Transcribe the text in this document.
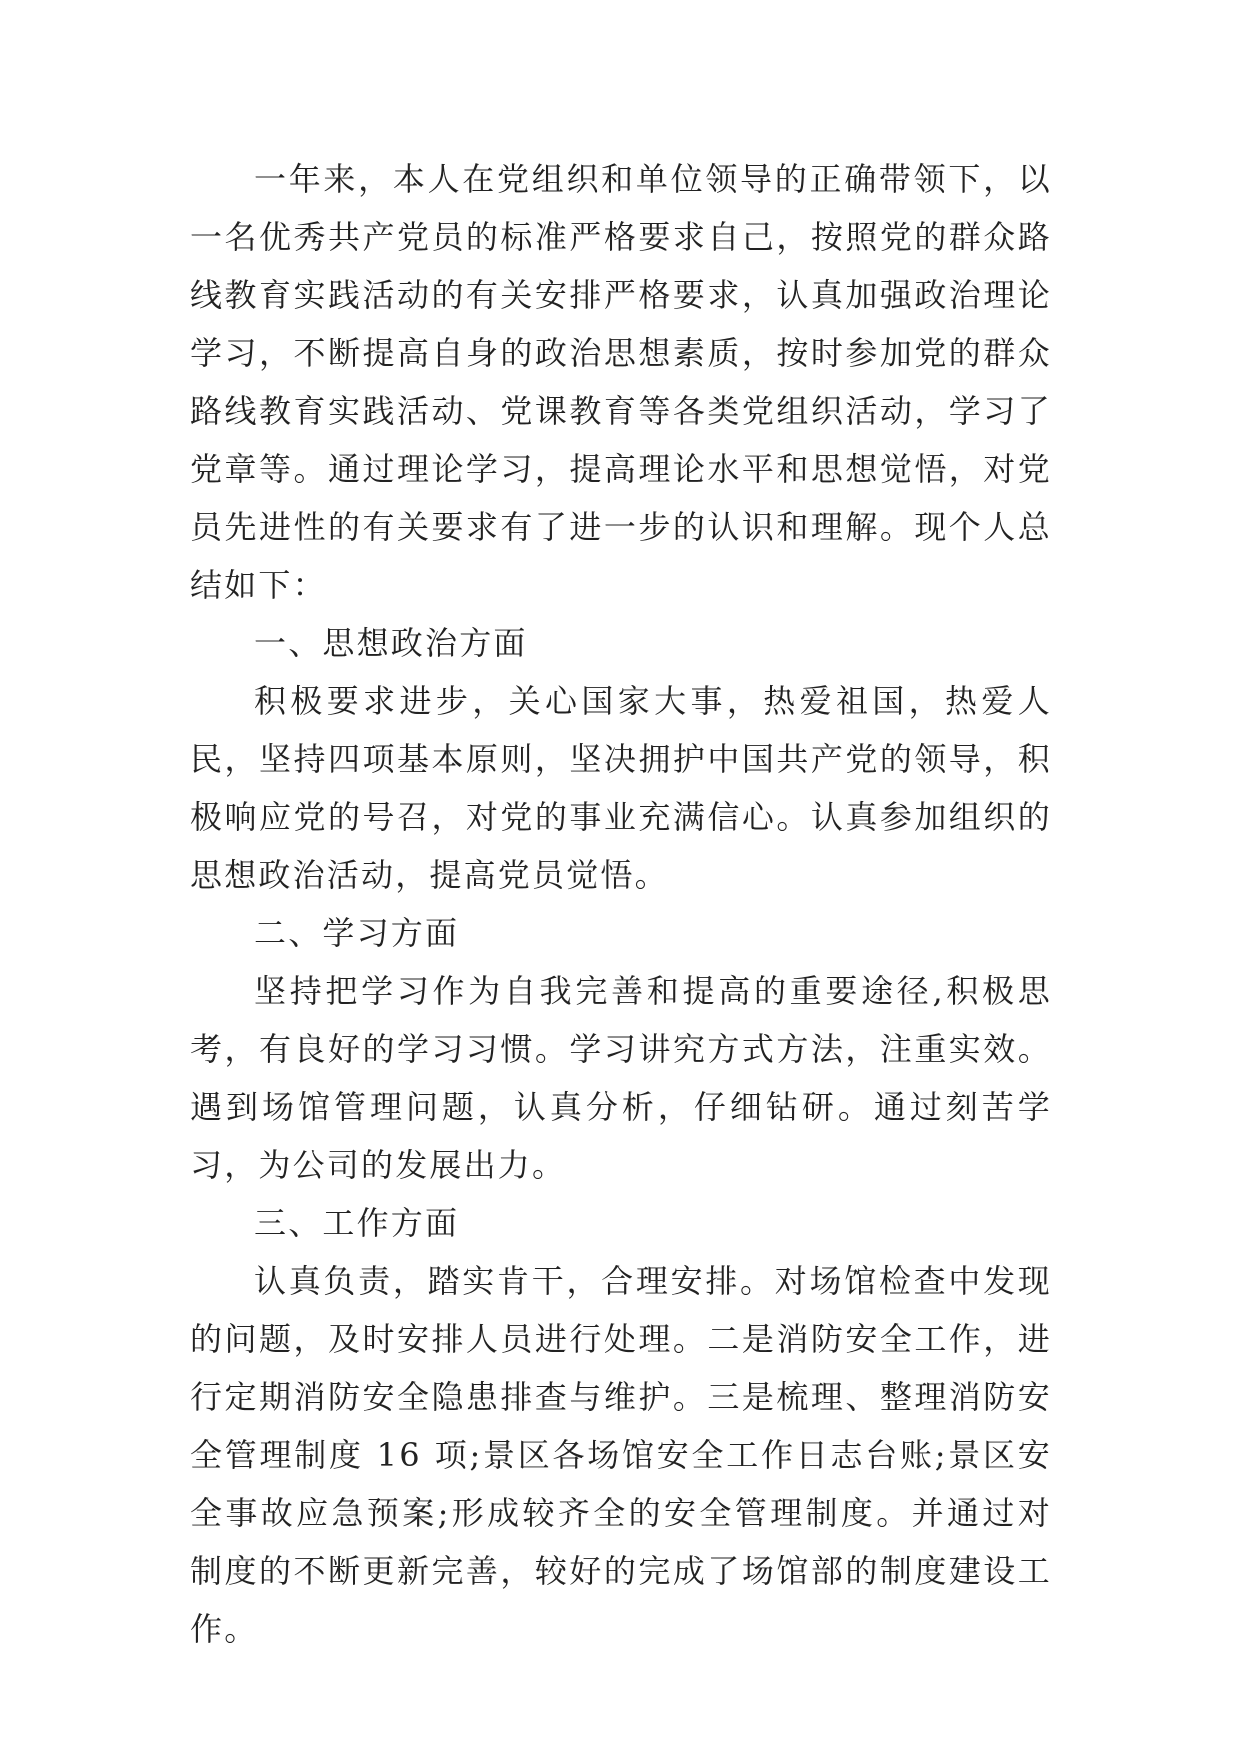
一年来，本人在党组织和单位领导的正确带领下，以一名优秀共产党员的标准严格要求自己，按照党的群众路线教育实践活动的有关安排严格要求，认真加强政治理论学习，不断提高自身的政治思想素质，按时参加党的群众路线教育实践活动、党课教育等各类党组织活动，学习了党章等。通过理论学习，提高理论水平和思想觉悟，对党员先进性的有关要求有了进一步的认识和理解。现个人总结如下：

一、思想政治方面

积极要求进步，关心国家大事，热爱祖国，热爱人民，坚持四项基本原则，坚决拥护中国共产党的领导，积极响应党的号召，对党的事业充满信心。认真参加组织的思想政治活动，提高党员觉悟。

二、学习方面

坚持把学习作为自我完善和提高的重要途径,积极思考，有良好的学习习惯。学习讲究方式方法，注重实效。遇到场馆管理问题，认真分析，仔细钻研。通过刻苦学习，为公司的发展出力。

三、工作方面

认真负责，踏实肯干，合理安排。对场馆检查中发现的问题，及时安排人员进行处理。二是消防安全工作，进行定期消防安全隐患排查与维护。三是梳理、整理消防安全管理制度 16 项;景区各场馆安全工作日志台账;景区安全事故应急预案;形成较齐全的安全管理制度。并通过对制度的不断更新完善，较好的完成了场馆部的制度建设工作。
